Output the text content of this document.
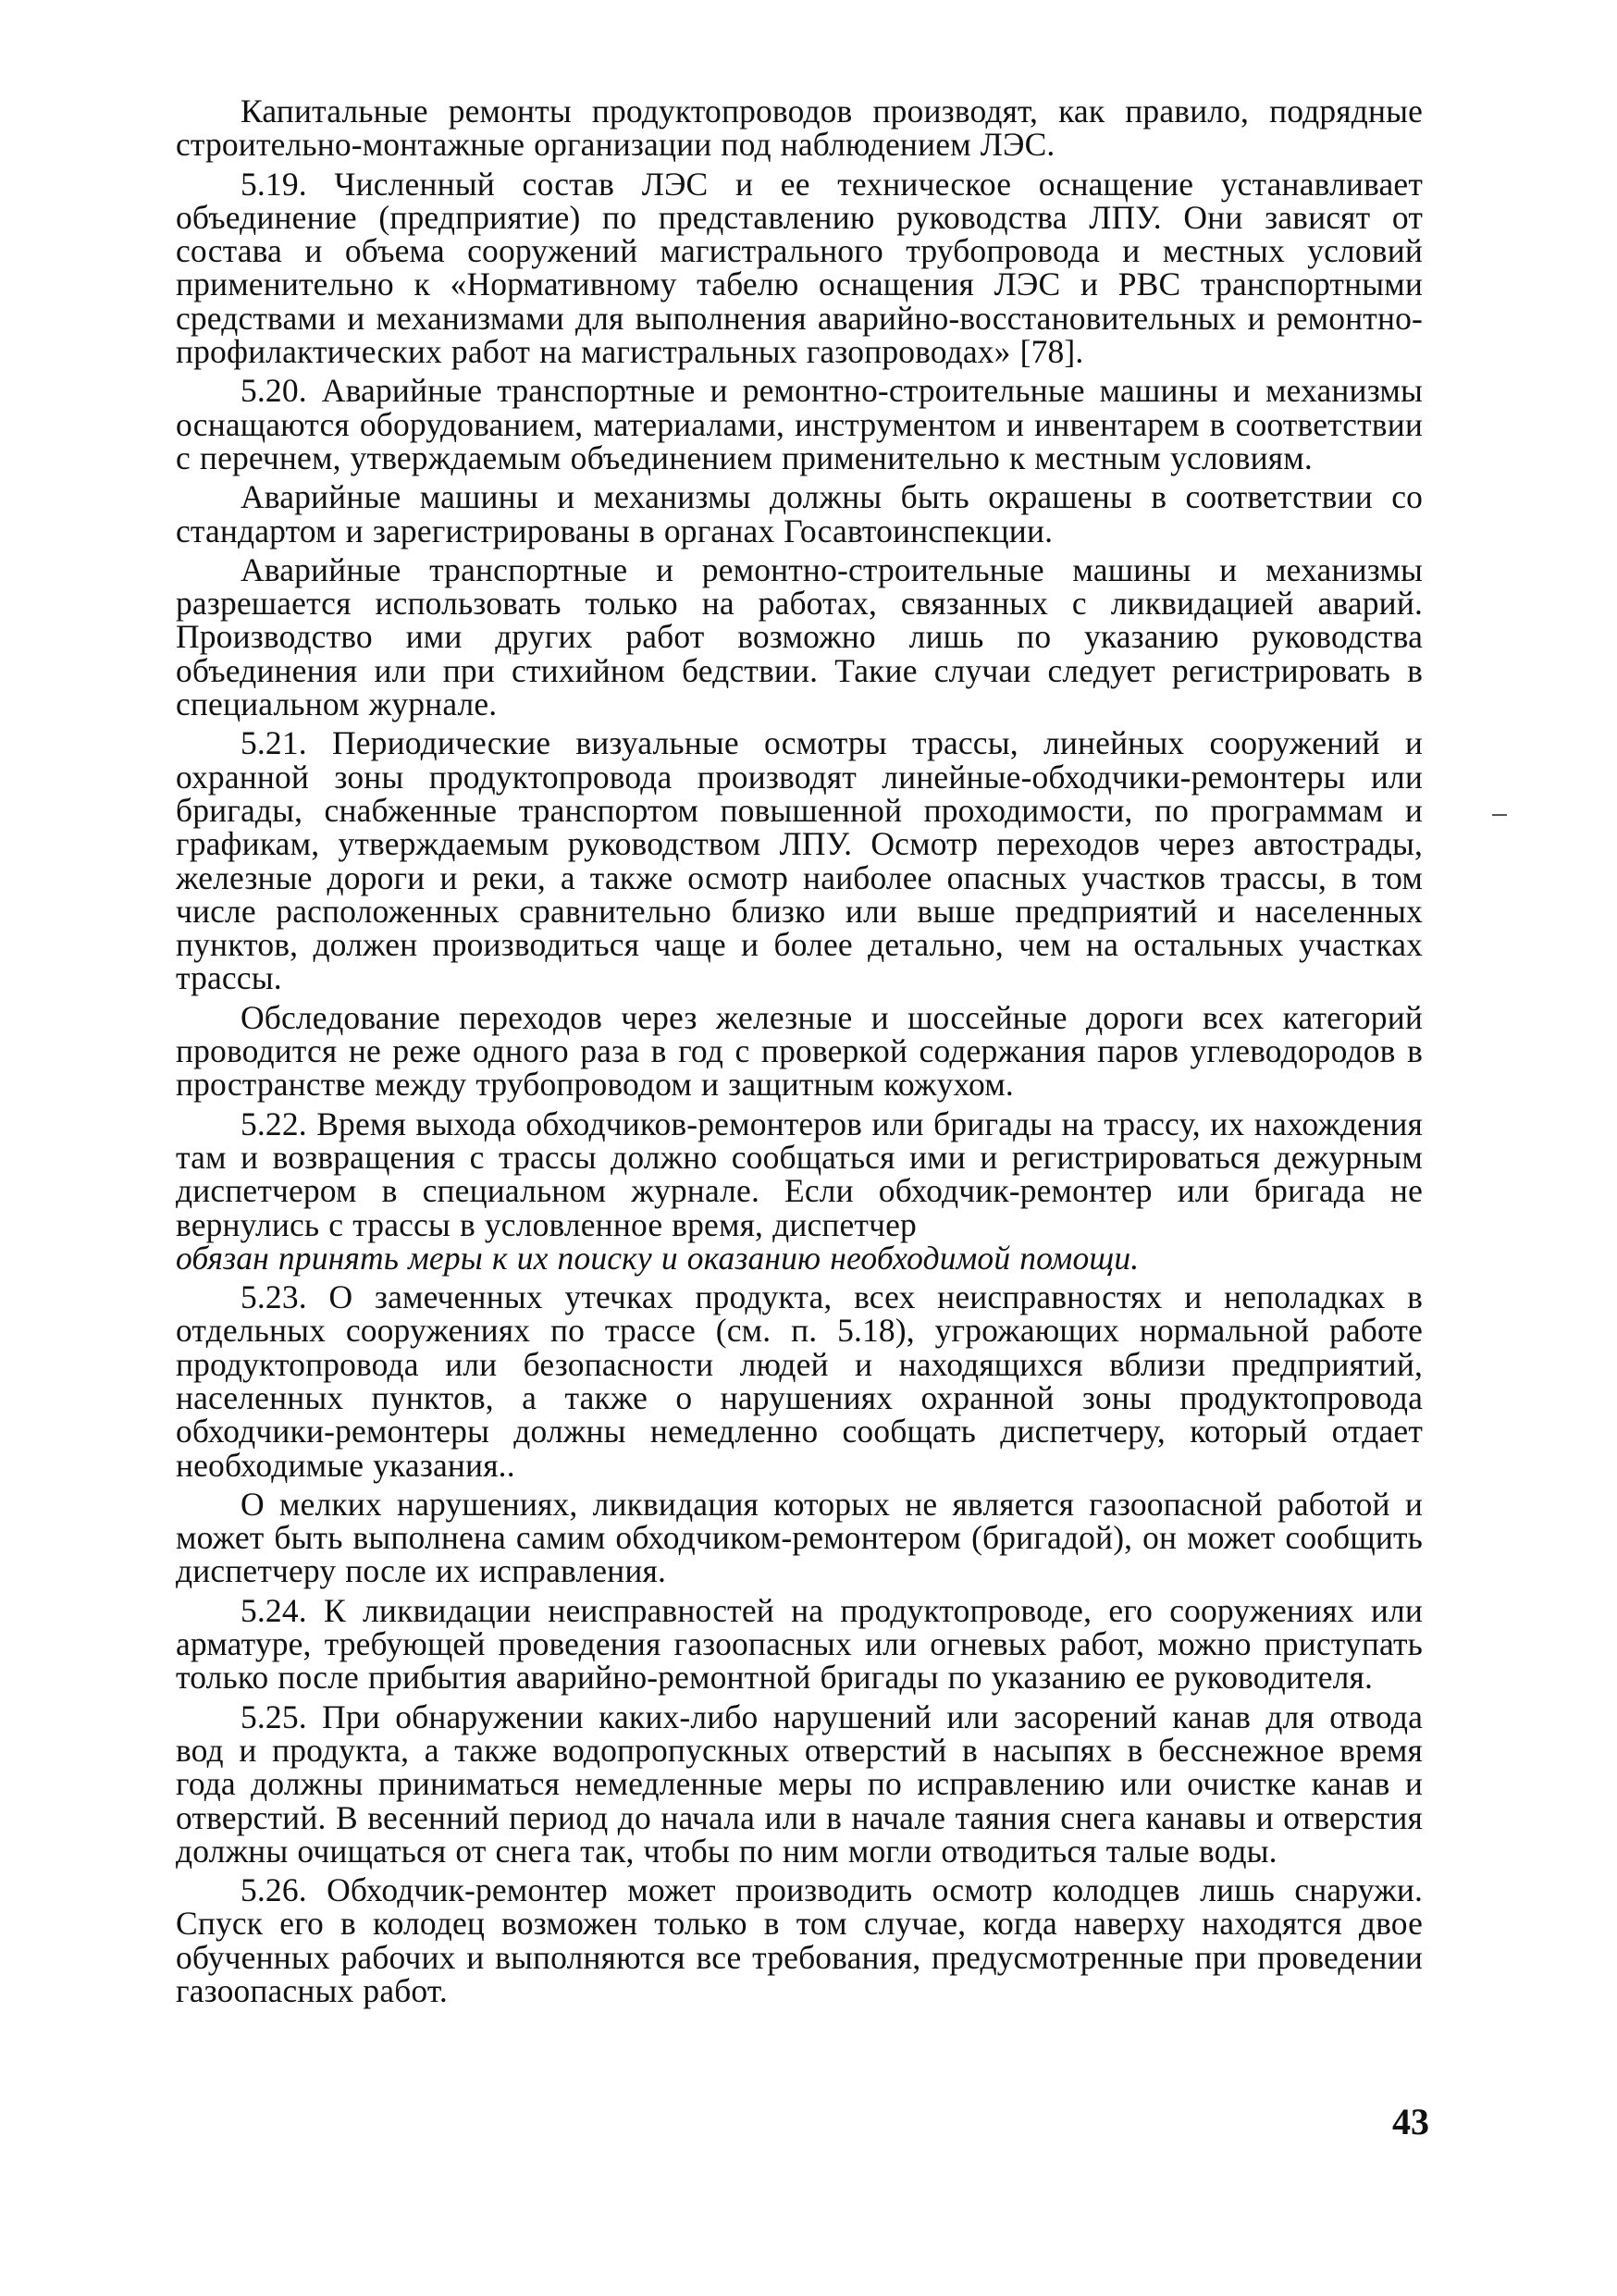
Капитальные ремонты продуктопроводов производят, как правило, подрядные строительно-монтажные организации под наблюдением ЛЭС.

5.19. Численный состав ЛЭС и ее техническое оснащение устанавливает объединение (предприятие) по представлению руководства ЛПУ. Они зависят от состава и объема сооружений магистрального трубопровода и местных условий применительно к «Нормативному табелю оснащения ЛЭС и РВС транспортными средствами и механизмами для выполнения аварийно-восстановительных и ремонтно-профилактических работ на магистральных газопроводах» [78].

5.20. Аварийные транспортные и ремонтно-строительные машины и механизмы оснащаются оборудованием, материалами, инструментом и инвентарем в соответствии с перечнем, утверждаемым объединением применительно к местным условиям.

Аварийные машины и механизмы должны быть окрашены в соответствии со стандартом и зарегистрированы в органах Госавтоинспекции.

Аварийные транспортные и ремонтно-строительные машины и механизмы разрешается использовать только на работах, связанных с ликвидацией аварий. Производство ими других работ возможно лишь по указанию руководства объединения или при стихийном бедствии. Такие случаи следует регистрировать в специальном журнале.

5.21. Периодические визуальные осмотры трассы, линейных сооружений и охранной зоны продуктопровода производят линейные-обходчики-ремонтеры или бригады, снабженные транспортом повышенной проходимости, по программам и графикам, утверждаемым руководством ЛПУ. Осмотр переходов через автострады, железные дороги и реки, а также осмотр наиболее опасных участков трассы, в том числе расположенных сравнительно близко или выше предприятий и населенных пунктов, должен производиться чаще и более детально, чем на остальных участках трассы.

Обследование переходов через железные и шоссейные дороги всех категорий проводится не реже одного раза в год с проверкой содержания паров углеводородов в пространстве между трубопроводом и защитным кожухом.

5.22. Время выхода обходчиков-ремонтеров или бригады на трассу, их нахождения там и возвращения с трассы должно сообщаться ими и регистрироваться дежурным диспетчером в специальном журнале. Если обходчик-ремонтер или бригада не вернулись с трассы в условленное время, диспетчер

обязан принять меры к их поиску и оказанию необходимой помощи.

5.23. О замеченных утечках продукта, всех неисправностях и неполадках в отдельных сооружениях по трассе (см. п. 5.18), угрожающих нормальной работе продуктопровода или безопасности людей и находящихся вблизи предприятий, населенных пунктов, а также о нарушениях охранной зоны продуктопровода обходчики-ремонтеры должны немедленно сообщать диспетчеру, который отдает необходимые указания..

О мелких нарушениях, ликвидация которых не является газоопасной работой и может быть выполнена самим обходчиком-ремонтером (бригадой), он может сообщить диспетчеру после их исправления.

5.24. К ликвидации неисправностей на продуктопроводе, его сооружениях или арматуре, требующей проведения газоопасных или огневых работ, можно приступать только после прибытия аварийно-ремонтной бригады по указанию ее руководителя.

5.25. При обнаружении каких-либо нарушений или засорений канав для отвода вод и продукта, а также водопропускных отверстий в насыпях в бесснежное время года должны приниматься немедленные меры по исправлению или очистке канав и отверстий. В весенний период до начала или в начале таяния снега канавы и отверстия должны очищаться от снега так, чтобы по ним могли отводиться талые воды.

5.26. Обходчик-ремонтер может производить осмотр колодцев лишь снаружи. Спуск его в колодец возможен только в том случае, когда наверху находятся двое обученных рабочих и выполняются все требования, предусмотренные при проведении газоопасных работ.

43
